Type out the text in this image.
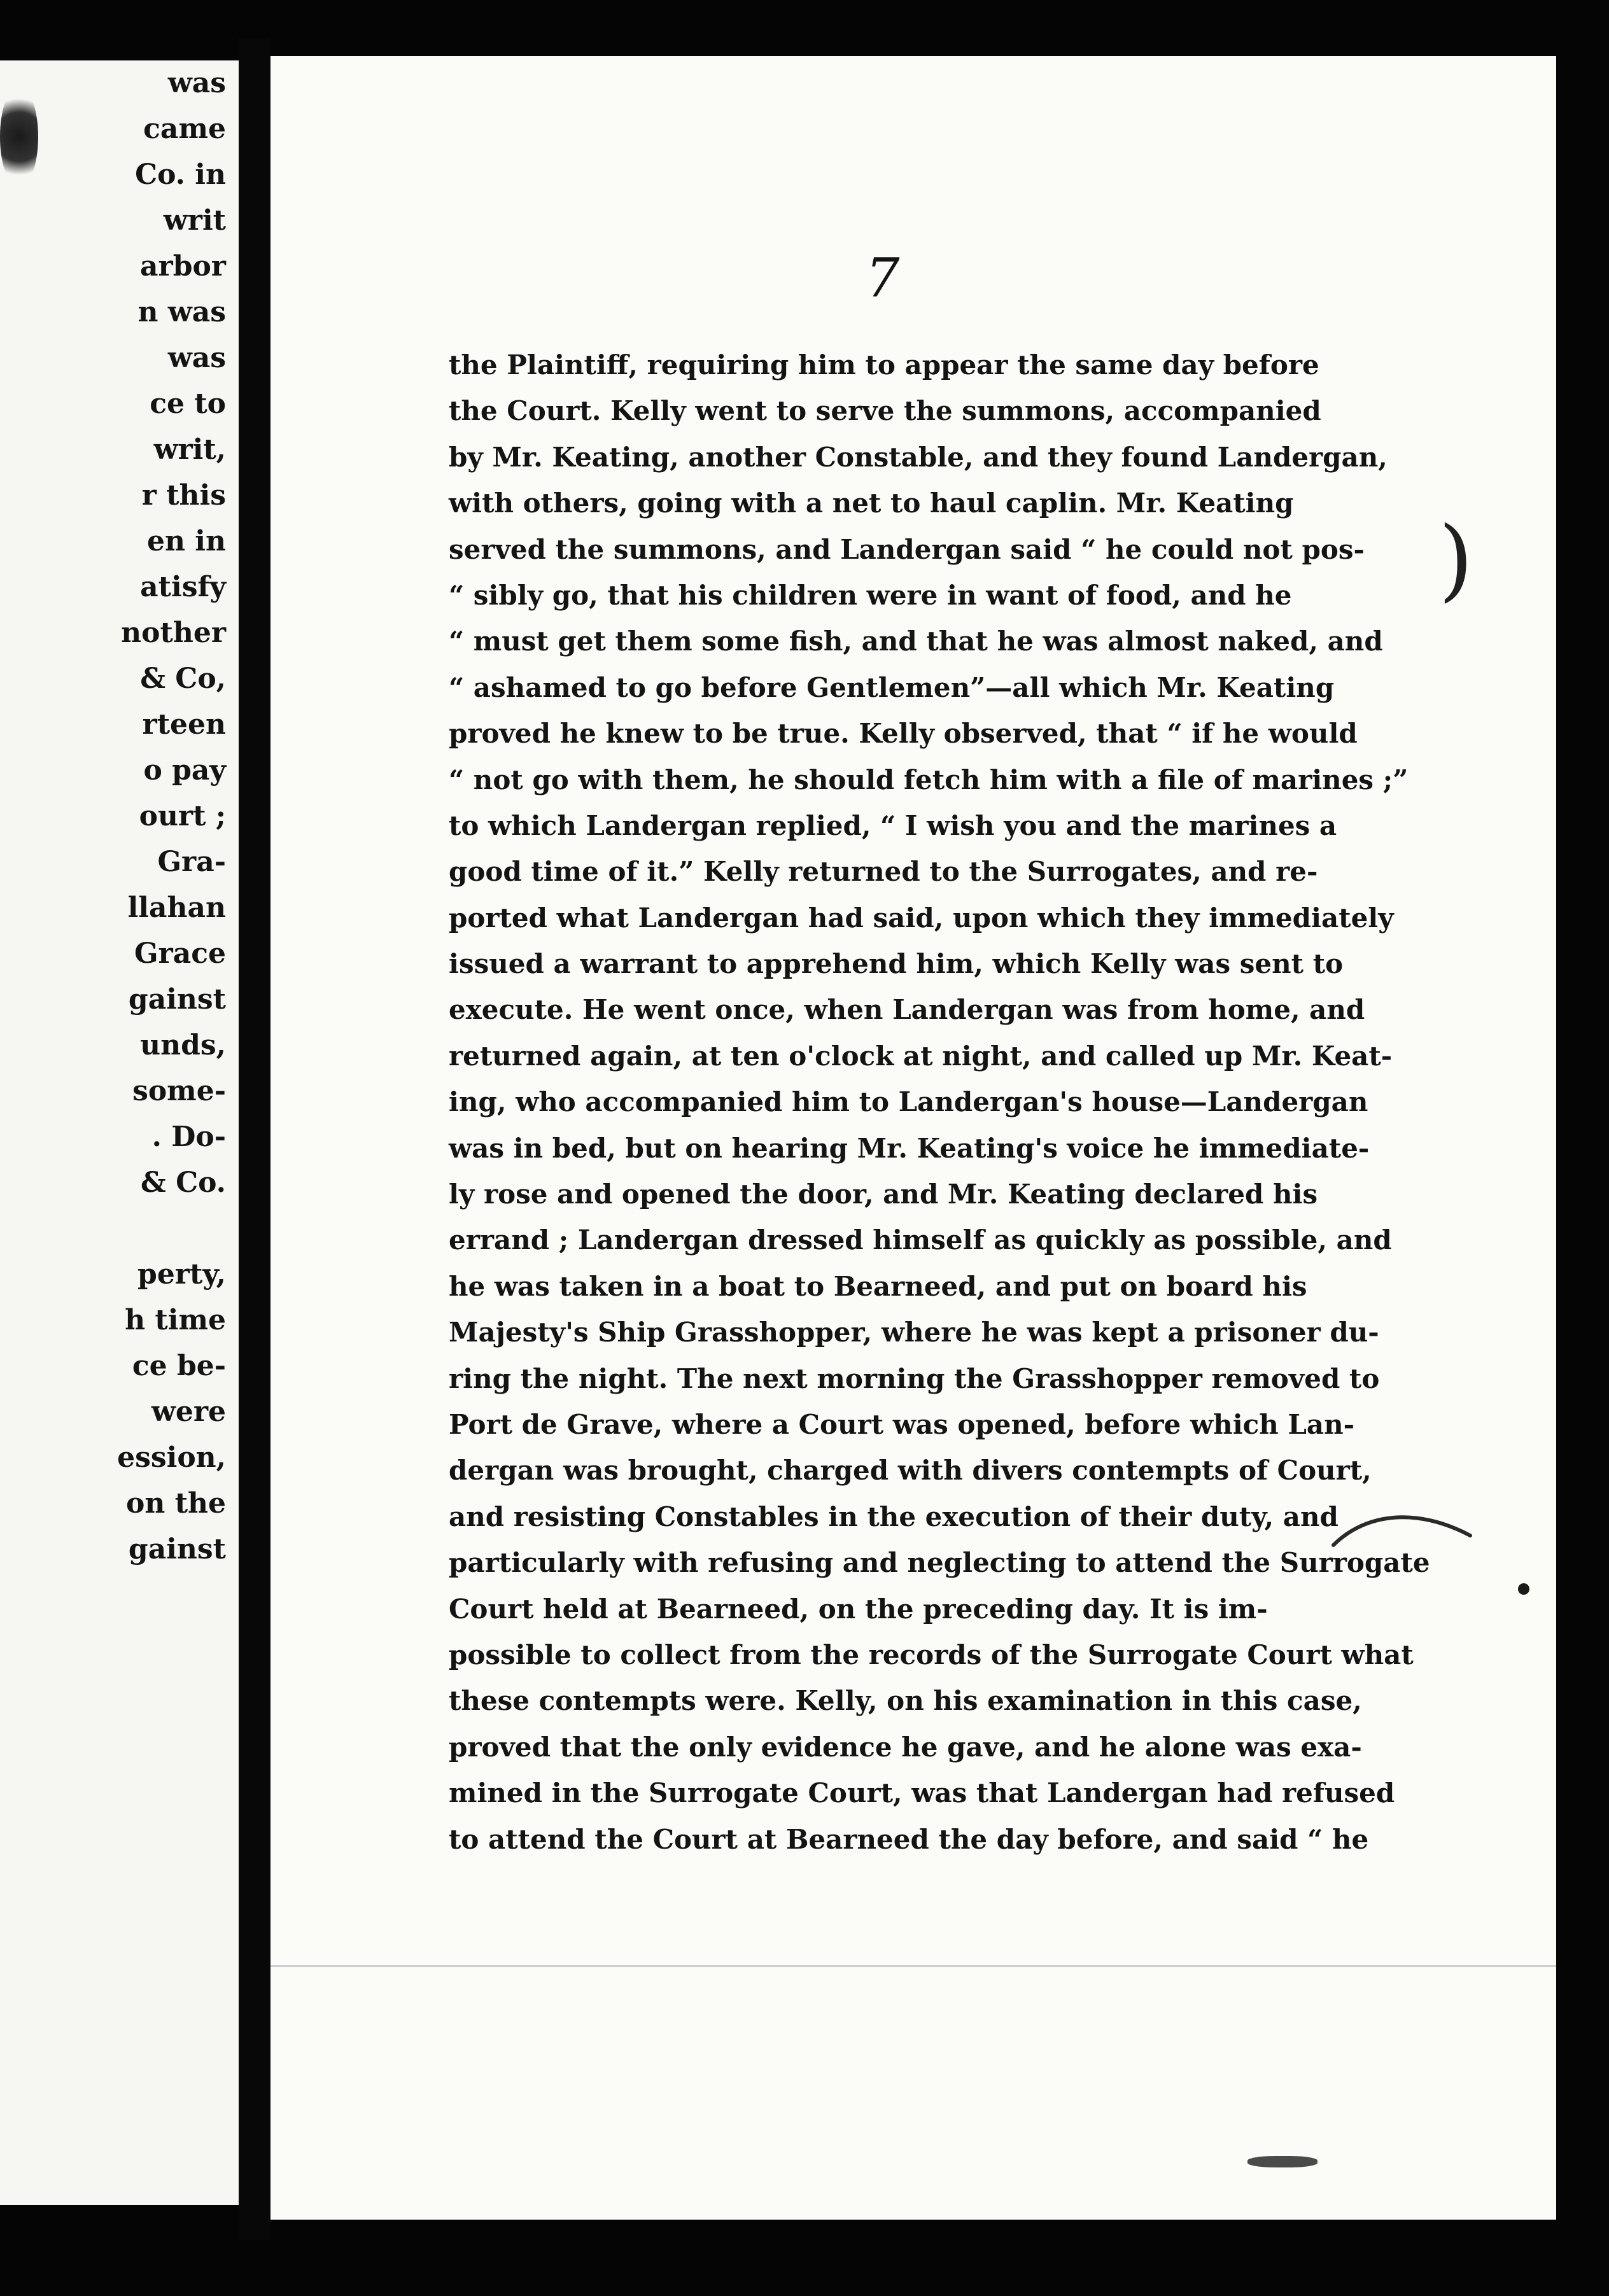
was
came
Co. in
writ
arbor
n was
was
ce to
writ,
r this
en in
atisfy
nother
& Co,
rteen
o pay
ourt ;
Gra-
llahan
Grace
gainst
unds,
some-
. Do-
& Co.
perty,
h time
ce be-
were
ession,
on the
gainst
7
the Plaintiff, requiring him to appear the same day before
the Court. Kelly went to serve the summons, accompanied
by Mr. Keating, another Constable, and they found Landergan,
with others, going with a net to haul caplin. Mr. Keating
served the summons, and Landergan said “ he could not pos-
“ sibly go, that his children were in want of food, and he
“ must get them some fish, and that he was almost naked, and
“ ashamed to go before Gentlemen”—all which Mr. Keating
proved he knew to be true. Kelly observed, that “ if he would
“ not go with them, he should fetch him with a file of marines ;”
to which Landergan replied, “ I wish you and the marines a
good time of it.” Kelly returned to the Surrogates, and re-
ported what Landergan had said, upon which they immediately
issued a warrant to apprehend him, which Kelly was sent to
execute. He went once, when Landergan was from home, and
returned again, at ten o'clock at night, and called up Mr. Keat-
ing, who accompanied him to Landergan's house—Landergan
was in bed, but on hearing Mr. Keating's voice he immediate-
ly rose and opened the door, and Mr. Keating declared his
errand ; Landergan dressed himself as quickly as possible, and
he was taken in a boat to Bearneed, and put on board his
Majesty's Ship Grasshopper, where he was kept a prisoner du-
ring the night. The next morning the Grasshopper removed to
Port de Grave, where a Court was opened, before which Lan-
dergan was brought, charged with divers contempts of Court,
and resisting Constables in the execution of their duty, and
particularly with refusing and neglecting to attend the Surrogate
Court held at Bearneed, on the preceding day. It is im-
possible to collect from the records of the Surrogate Court what
these contempts were. Kelly, on his examination in this case,
proved that the only evidence he gave, and he alone was exa-
mined in the Surrogate Court, was that Landergan had refused
to attend the Court at Bearneed the day before, and said “ he
)
